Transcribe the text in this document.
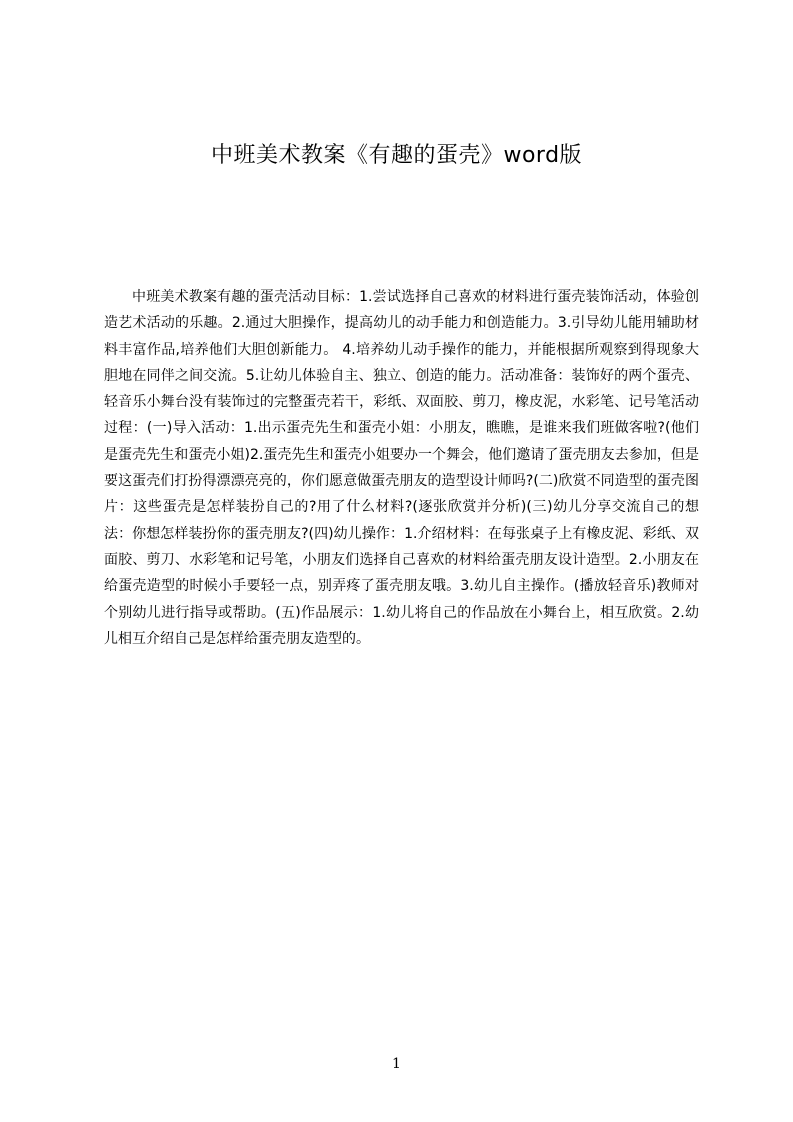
中班美术教案《有趣的蛋壳》word版

中班美术教案有趣的蛋壳活动目标：1.尝试选择自己喜欢的材料进行蛋壳装饰活动，体验创造艺术活动的乐趣。2.通过大胆操作，提高幼儿的动手能力和创造能力。3.引导幼儿能用辅助材料丰富作品,培养他们大胆创新能力。 4.培养幼儿动手操作的能力，并能根据所观察到得现象大胆地在同伴之间交流。5.让幼儿体验自主、独立、创造的能力。活动准备：装饰好的两个蛋壳、轻音乐小舞台没有装饰过的完整蛋壳若干，彩纸、双面胶、剪刀，橡皮泥，水彩笔、记号笔活动过程：(一)导入活动：1.出示蛋壳先生和蛋壳小姐：小朋友，瞧瞧，是谁来我们班做客啦?(他们是蛋壳先生和蛋壳小姐)2.蛋壳先生和蛋壳小姐要办一个舞会，他们邀请了蛋壳朋友去参加，但是要这蛋壳们打扮得漂漂亮亮的，你们愿意做蛋壳朋友的造型设计师吗?(二)欣赏不同造型的蛋壳图片：这些蛋壳是怎样装扮自己的?用了什么材料?(逐张欣赏并分析)(三)幼儿分享交流自己的想法：你想怎样装扮你的蛋壳朋友?(四)幼儿操作：1.介绍材料：在每张桌子上有橡皮泥、彩纸、双面胶、剪刀、水彩笔和记号笔，小朋友们选择自己喜欢的材料给蛋壳朋友设计造型。2.小朋友在给蛋壳造型的时候小手要轻一点，别弄疼了蛋壳朋友哦。3.幼儿自主操作。(播放轻音乐)教师对个别幼儿进行指导或帮助。(五)作品展示：1.幼儿将自己的作品放在小舞台上，相互欣赏。2.幼儿相互介绍自己是怎样给蛋壳朋友造型的。

1
